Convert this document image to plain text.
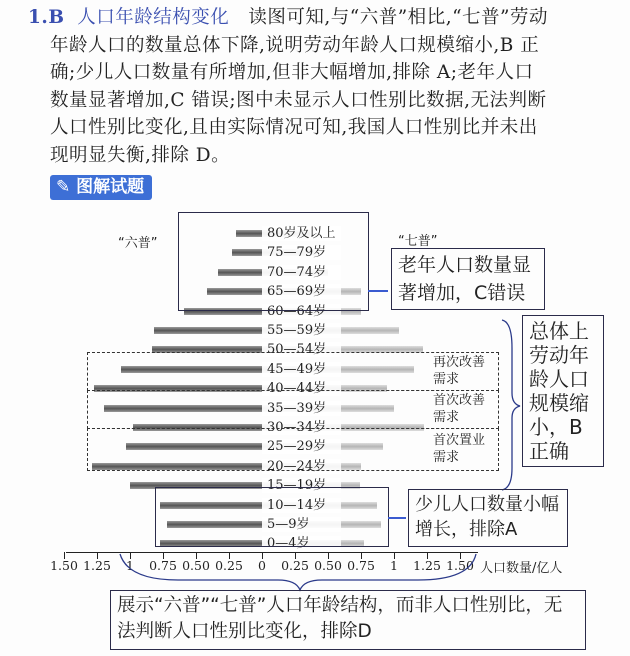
1.B 人口年龄结构变化 读图可知,与“六普”相比,“七普”劳动
年龄人口的数量总体下降,说明劳动年龄人口规模缩小,B 正
确;少儿人口数量有所增加,但非大幅增加,排除 A;老年人口
数量显著增加,C 错误;图中未显示人口性别比数据,无法判断
人口性别比变化,且由实际情况可知,我国人口性别比并未出
现明显失衡,排除 D。
✎ 图解试题
80岁及以上
75—79岁
70—74岁
65—69岁
60—64岁
55—59岁
50—54岁
45—49岁
40—44岁
35—39岁
30—34岁
25—29岁
20—24岁
15—19岁
10—14岁
5—9岁
0—4岁
1.50 1.25 1 0.75 0.50 0.25 0 0.25 0.50 0.75 1 1.25 1.50
“六普”	“七普”
老年人口数量显著增加，C错误
再次改善需求
首次改善需求
首次置业需求
总体上劳动年龄人口规模缩小，B正确
少儿人口数量小幅增长，排除A
人口数量/亿人
展示“六普”“七普”人口年龄结构，而非人口性别比，无法判断人口性别比变化，排除D
